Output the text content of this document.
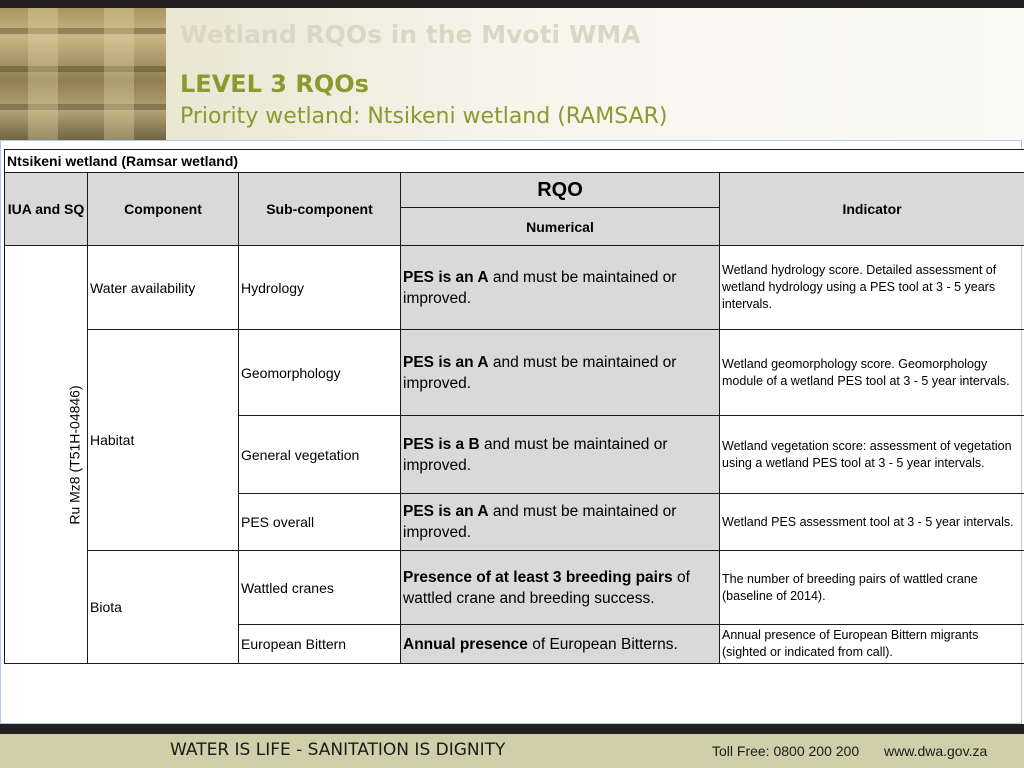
Wetland RQOs in the Mvoti WMA
LEVEL 3 RQOs
Priority wetland: Ntsikeni wetland (RAMSAR)
Ntsikeni wetland (Ramsar wetland)				
IUA and SQ	Component	Sub-component	RQO	Indicator
			Numerical	
Ru Mz8 (T51H-04846)	Water availability	Hydrology	PES is an A and must be maintained or improved.	Wetland hydrology score. Detailed assessment of wetland hydrology using a PES tool at 3 - 5 years intervals.
	Habitat	Geomorphology	PES is an A and must be maintained or improved.	Wetland geomorphology score. Geomorphology module of a wetland PES tool at 3 - 5 year intervals.
		General vegetation	PES is a B and must be maintained or improved.	Wetland vegetation score: assessment of vegetation using a wetland PES tool at 3 - 5 year intervals.
		PES overall	PES is an A and must be maintained or improved.	Wetland PES assessment tool at 3 - 5 year intervals.
	Biota	Wattled cranes	Presence of at least 3 breeding pairs of wattled crane and breeding success.	The number of breeding pairs of wattled crane (baseline of 2014).
		European Bittern	Annual presence of European Bitterns.	Annual presence of European Bittern migrants (sighted or indicated from call).
WATER IS LIFE - SANITATION IS DIGNITY	Toll Free: 0800 200 200 www.dwa.gov.za
